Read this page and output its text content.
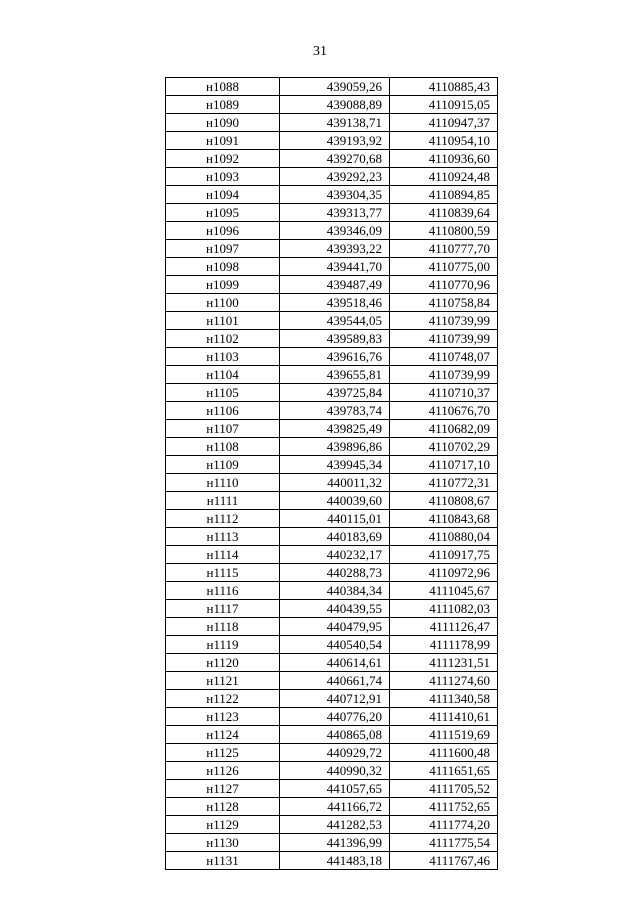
31
н1088	439059,26	4110885,43
н1089	439088,89	4110915,05
н1090	439138,71	4110947,37
н1091	439193,92	4110954,10
н1092	439270,68	4110936,60
н1093	439292,23	4110924,48
н1094	439304,35	4110894,85
н1095	439313,77	4110839,64
н1096	439346,09	4110800,59
н1097	439393,22	4110777,70
н1098	439441,70	4110775,00
н1099	439487,49	4110770,96
н1100	439518,46	4110758,84
н1101	439544,05	4110739,99
н1102	439589,83	4110739,99
н1103	439616,76	4110748,07
н1104	439655,81	4110739,99
н1105	439725,84	4110710,37
н1106	439783,74	4110676,70
н1107	439825,49	4110682,09
н1108	439896,86	4110702,29
н1109	439945,34	4110717,10
н1110	440011,32	4110772,31
н1111	440039,60	4110808,67
н1112	440115,01	4110843,68
н1113	440183,69	4110880,04
н1114	440232,17	4110917,75
н1115	440288,73	4110972,96
н1116	440384,34	4111045,67
н1117	440439,55	4111082,03
н1118	440479,95	4111126,47
н1119	440540,54	4111178,99
н1120	440614,61	4111231,51
н1121	440661,74	4111274,60
н1122	440712,91	4111340,58
н1123	440776,20	4111410,61
н1124	440865,08	4111519,69
н1125	440929,72	4111600,48
н1126	440990,32	4111651,65
н1127	441057,65	4111705,52
н1128	441166,72	4111752,65
н1129	441282,53	4111774,20
н1130	441396,99	4111775,54
н1131	441483,18	4111767,46
